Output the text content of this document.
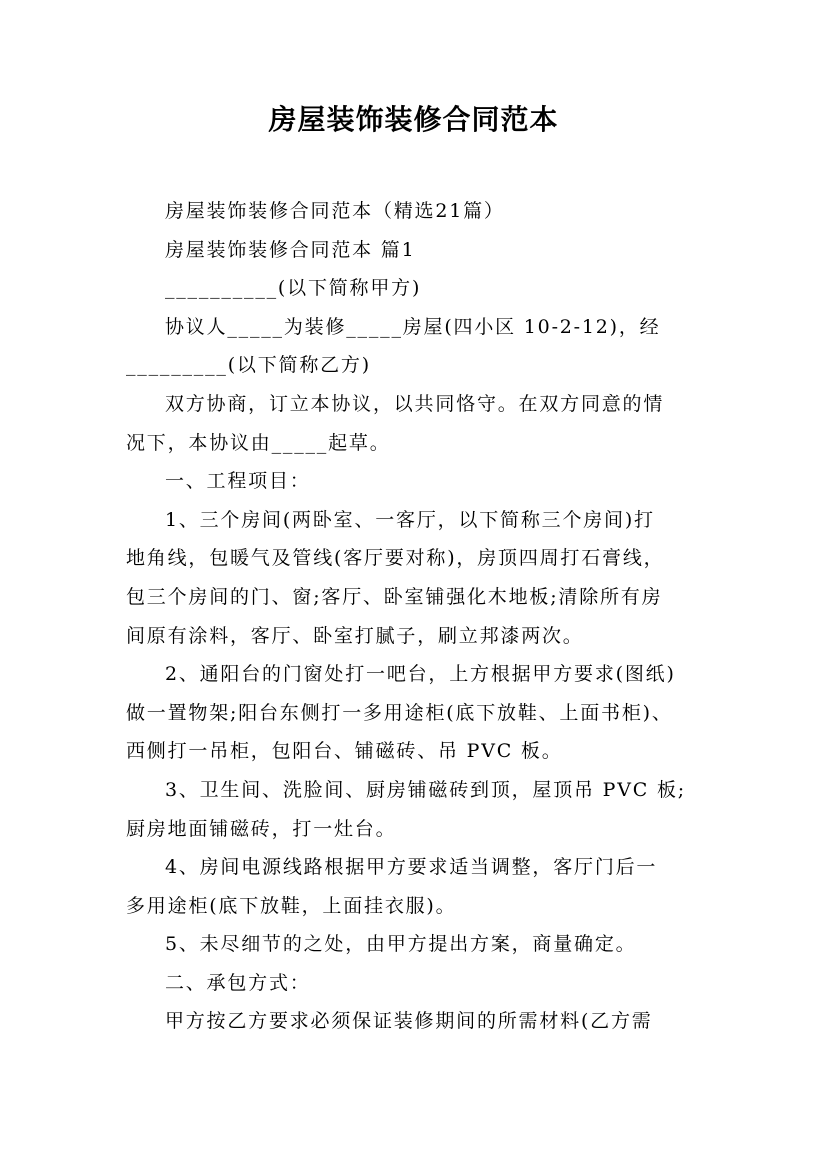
房屋装饰装修合同范本
房屋装饰装修合同范本（精选21篇）
房屋装饰装修合同范本 篇1
__________(以下简称甲方)
协议人_____为装修_____房屋(四小区 10-2-12)，经
_________(以下简称乙方)
双方协商，订立本协议，以共同恪守。在双方同意的情
况下，本协议由_____起草。
一、工程项目：
1、三个房间(两卧室、一客厅，以下简称三个房间)打
地角线，包暖气及管线(客厅要对称)，房顶四周打石膏线，
包三个房间的门、窗;客厅、卧室铺强化木地板;清除所有房
间原有涂料，客厅、卧室打腻子，刷立邦漆两次。
2、通阳台的门窗处打一吧台，上方根据甲方要求(图纸)
做一置物架;阳台东侧打一多用途柜(底下放鞋、上面书柜)、
西侧打一吊柜，包阳台、铺磁砖、吊 PVC 板。
3、卫生间、洗脸间、厨房铺磁砖到顶，屋顶吊 PVC 板;
厨房地面铺磁砖，打一灶台。
4、房间电源线路根据甲方要求适当调整，客厅门后一
多用途柜(底下放鞋，上面挂衣服)。
5、未尽细节的之处，由甲方提出方案，商量确定。
二、承包方式：
甲方按乙方要求必须保证装修期间的所需材料(乙方需
